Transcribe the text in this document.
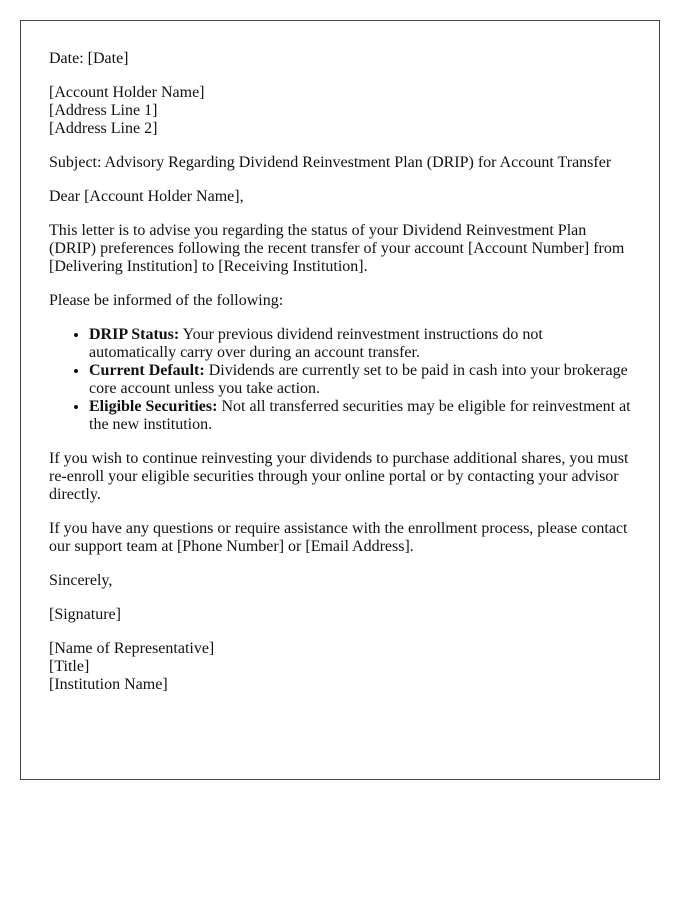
Date: [Date]

[Account Holder Name]

[Address Line 1]

[Address Line 2]

Subject: Advisory Regarding Dividend Reinvestment Plan (DRIP) for Account Transfer

Dear [Account Holder Name],

This letter is to advise you regarding the status of your Dividend Reinvestment Plan (DRIP) preferences following the recent transfer of your account [Account Number] from [Delivering Institution] to [Receiving Institution].

Please be informed of the following:

• DRIP Status: Your previous dividend reinvestment instructions do not automatically carry over during an account transfer.
• Current Default: Dividends are currently set to be paid in cash into your brokerage core account unless you take action.
• Eligible Securities: Not all transferred securities may be eligible for reinvestment at the new institution.

If you wish to continue reinvesting your dividends to purchase additional shares, you must re-enroll your eligible securities through your online portal or by contacting your advisor directly.

If you have any questions or require assistance with the enrollment process, please contact our support team at [Phone Number] or [Email Address].

Sincerely,

[Signature]

[Name of Representative]

[Title]

[Institution Name]
